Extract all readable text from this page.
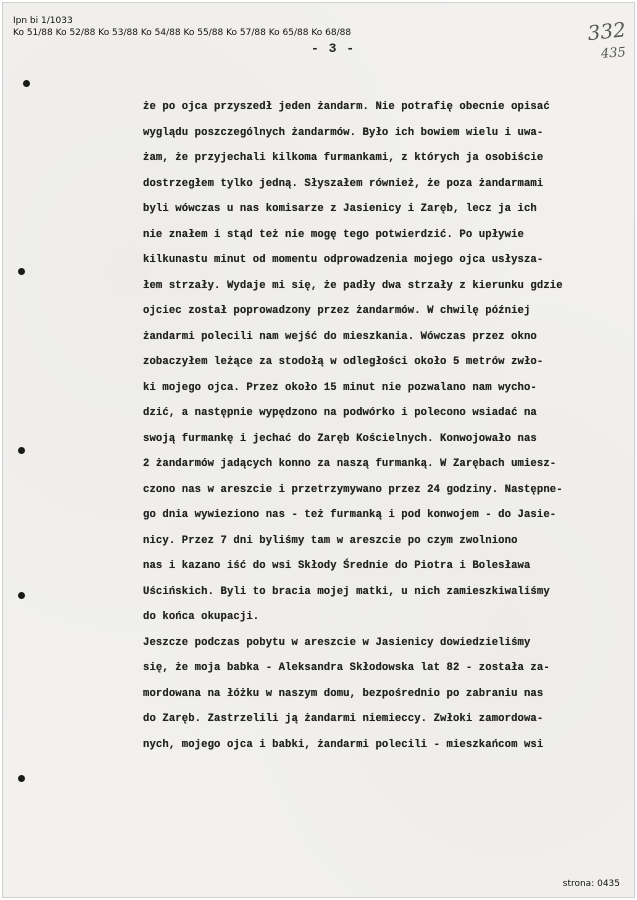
Ipn bi 1/1033
Ko 51/88 Ko 52/88 Ko 53/88 Ko 54/88 Ko 55/88 Ko 57/88 Ko 65/88 Ko 68/88
- 3 -
332
435
że po ojca przyszedł jeden żandarm. Nie potrafię obecnie opisać
wyglądu poszczególnych żandarmów. Było ich bowiem wielu i uwa-
żam, że przyjechali kilkoma furmankami, z których ja osobiście
dostrzegłem tylko jedną. Słyszałem również, że poza żandarmami
byli wówczas u nas komisarze z Jasienicy i Zaręb, lecz ja ich
nie znałem i stąd też nie mogę tego potwierdzić. Po upływie
kilkunastu minut od momentu odprowadzenia mojego ojca usłysza-
łem strzały. Wydaje mi się, że padły dwa strzały z kierunku gdzie
ojciec został poprowadzony przez żandarmów. W chwilę później
żandarmi polecili nam wejść do mieszkania. Wówczas przez okno
zobaczyłem leżące za stodołą w odległości około 5 metrów zwło-
ki mojego ojca. Przez około 15 minut nie pozwalano nam wycho-
dzić, a następnie wypędzono na podwórko i polecono wsiadać na
swoją furmankę i jechać do Zaręb Kościelnych. Konwojowało nas
2 żandarmów jadących konno za naszą furmanką. W Zarębach umiesz-
czono nas w areszcie i przetrzymywano przez 24 godziny. Następne-
go dnia wywieziono nas - też furmanką i pod konwojem - do Jasie-
nicy. Przez 7 dni byliśmy tam w areszcie po czym zwolniono
nas i kazano iść do wsi Skłody Średnie do Piotra i Bolesława
Uścińskich. Byli to bracia mojej matki, u nich zamieszkiwaliśmy
do końca okupacji.
Jeszcze podczas pobytu w areszcie w Jasienicy dowiedzieliśmy
się, że moja babka - Aleksandra Skłodowska lat 82 - została za-
mordowana na łóżku w naszym domu, bezpośrednio po zabraniu nas
do Zaręb. Zastrzelili ją żandarmi niemieccy. Zwłoki zamordowa-
nych, mojego ojca i babki, żandarmi polecili - mieszkańcom wsi
strona: 0435
